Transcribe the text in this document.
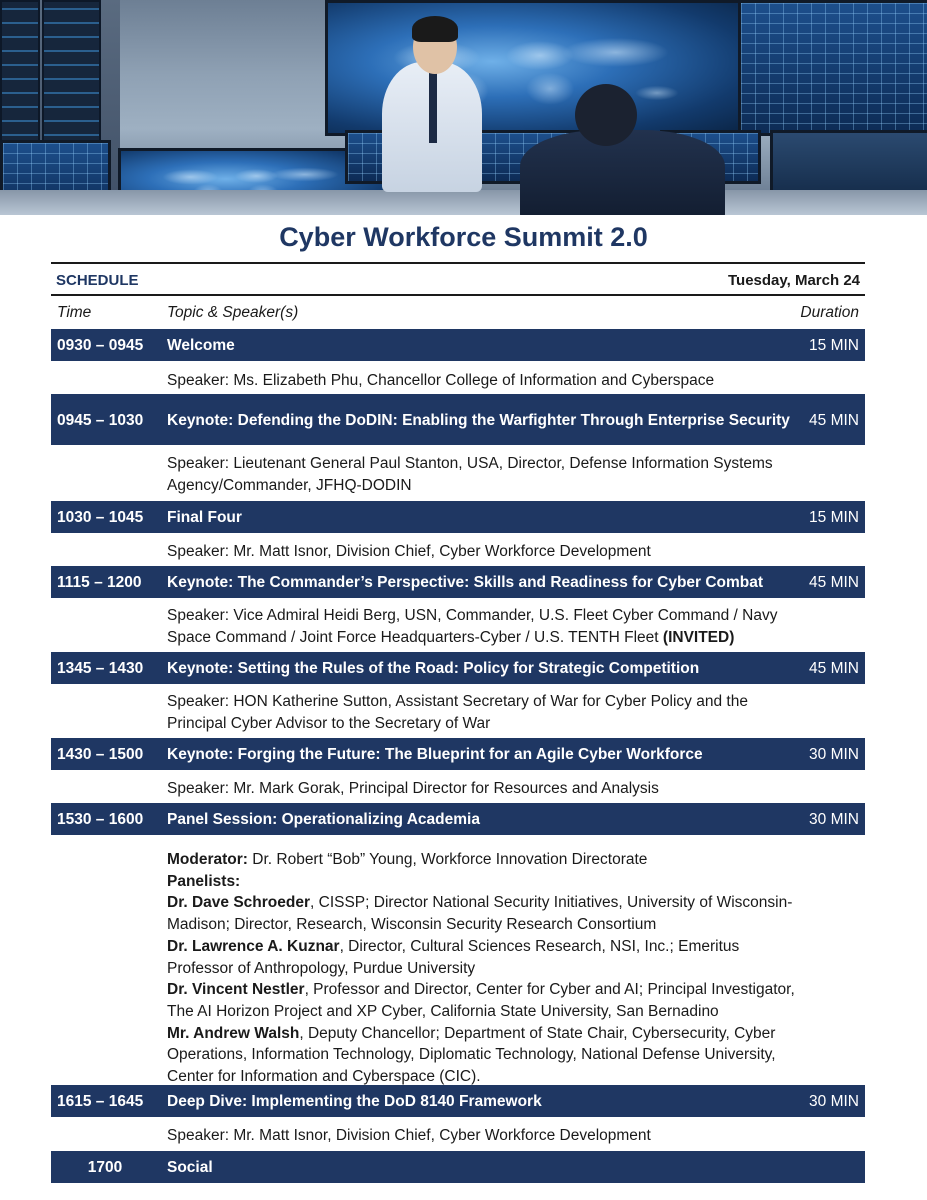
Cyber Workforce Summit 2.0
SCHEDULE	Tuesday, March 24
Time	Topic & Speaker(s)	Duration
0930 – 0945 Welcome	15 MIN
Speaker: Ms. Elizabeth Phu, Chancellor College of Information and Cyberspace
0945 – 1030 Keynote: Defending the DoDIN: Enabling the Warfighter Through Enterprise Security 45 MIN
Speaker: Lieutenant General Paul Stanton, USA, Director, Defense Information Systems Agency/Commander, JFHQ-DODIN
1030 – 1045 Final Four	15 MIN
Speaker: Mr. Matt Isnor, Division Chief, Cyber Workforce Development
1115 – 1200 Keynote: The Commander’s Perspective: Skills and Readiness for Cyber Combat	45 MIN
Speaker: Vice Admiral Heidi Berg, USN, Commander, U.S. Fleet Cyber Command / Navy Space Command / Joint Force Headquarters-Cyber / U.S. TENTH Fleet (INVITED)
1345 – 1430 Keynote: Setting the Rules of the Road: Policy for Strategic Competition	45 MIN
Speaker: HON Katherine Sutton, Assistant Secretary of War for Cyber Policy and the Principal Cyber Advisor to the Secretary of War
1430 – 1500 Keynote: Forging the Future: The Blueprint for an Agile Cyber Workforce	30 MIN
Speaker: Mr. Mark Gorak, Principal Director for Resources and Analysis
1530 – 1600 Panel Session: Operationalizing Academia	30 MIN
Moderator: Dr. Robert “Bob” Young, Workforce Innovation Directorate
Panelists:
Dr. Dave Schroeder, CISSP; Director National Security Initiatives, University of Wisconsin-Madison; Director, Research, Wisconsin Security Research Consortium
Dr. Lawrence A. Kuznar, Director, Cultural Sciences Research, NSI, Inc.; Emeritus Professor of Anthropology, Purdue University
Dr. Vincent Nestler, Professor and Director, Center for Cyber and AI; Principal Investigator, The AI Horizon Project and XP Cyber, California State University, San Bernadino
Mr. Andrew Walsh, Deputy Chancellor; Department of State Chair, Cybersecurity, Cyber Operations, Information Technology, Diplomatic Technology, National Defense University, Center for Information and Cyberspace (CIC).
1615 – 1645 Deep Dive: Implementing the DoD 8140 Framework	30 MIN
Speaker: Mr. Matt Isnor, Division Chief, Cyber Workforce Development
1700	Social
